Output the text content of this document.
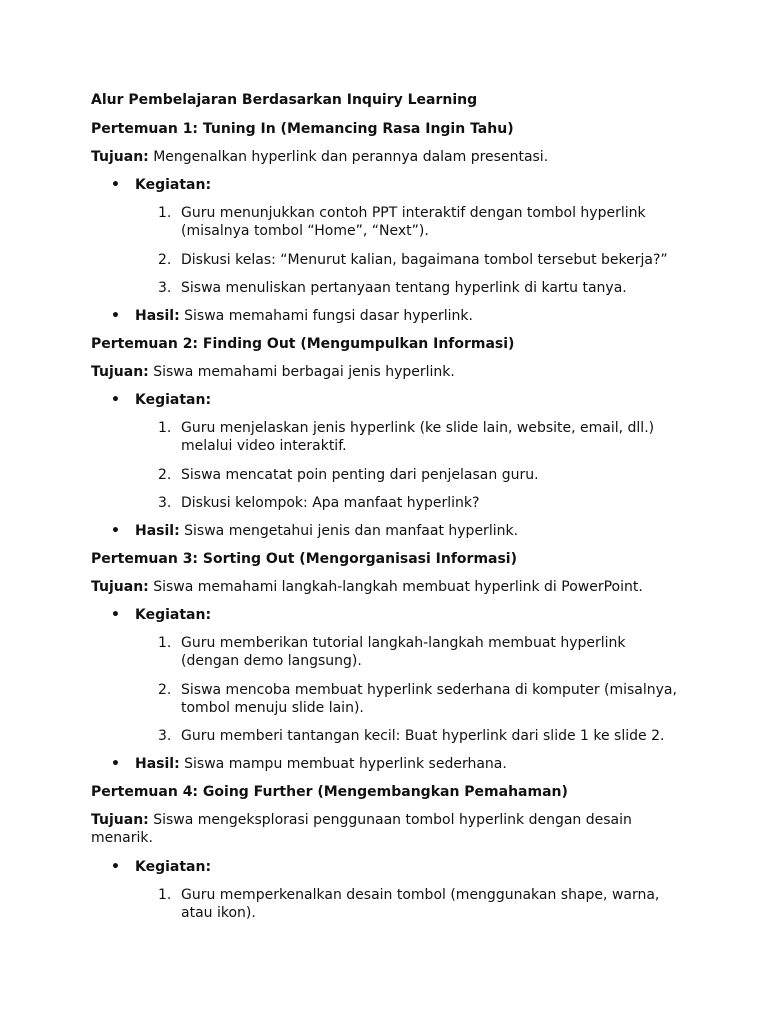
Alur Pembelajaran Berdasarkan Inquiry Learning
Pertemuan 1: Tuning In (Memancing Rasa Ingin Tahu)
Tujuan: Mengenalkan hyperlink dan perannya dalam presentasi.
• Kegiatan:
1. Guru menunjukkan contoh PPT interaktif dengan tombol hyperlink
(misalnya tombol “Home”, “Next”).
2. Diskusi kelas: “Menurut kalian, bagaimana tombol tersebut bekerja?”
3. Siswa menuliskan pertanyaan tentang hyperlink di kartu tanya.
• Hasil: Siswa memahami fungsi dasar hyperlink.
Pertemuan 2: Finding Out (Mengumpulkan Informasi)
Tujuan: Siswa memahami berbagai jenis hyperlink.
• Kegiatan:
1. Guru menjelaskan jenis hyperlink (ke slide lain, website, email, dll.)
melalui video interaktif.
2. Siswa mencatat poin penting dari penjelasan guru.
3. Diskusi kelompok: Apa manfaat hyperlink?
• Hasil: Siswa mengetahui jenis dan manfaat hyperlink.
Pertemuan 3: Sorting Out (Mengorganisasi Informasi)
Tujuan: Siswa memahami langkah-langkah membuat hyperlink di PowerPoint.
• Kegiatan:
1. Guru memberikan tutorial langkah-langkah membuat hyperlink
(dengan demo langsung).
2. Siswa mencoba membuat hyperlink sederhana di komputer (misalnya,
tombol menuju slide lain).
3. Guru memberi tantangan kecil: Buat hyperlink dari slide 1 ke slide 2.
• Hasil: Siswa mampu membuat hyperlink sederhana.
Pertemuan 4: Going Further (Mengembangkan Pemahaman)
Tujuan: Siswa mengeksplorasi penggunaan tombol hyperlink dengan desain
menarik.
• Kegiatan:
1. Guru memperkenalkan desain tombol (menggunakan shape, warna,
atau ikon).
